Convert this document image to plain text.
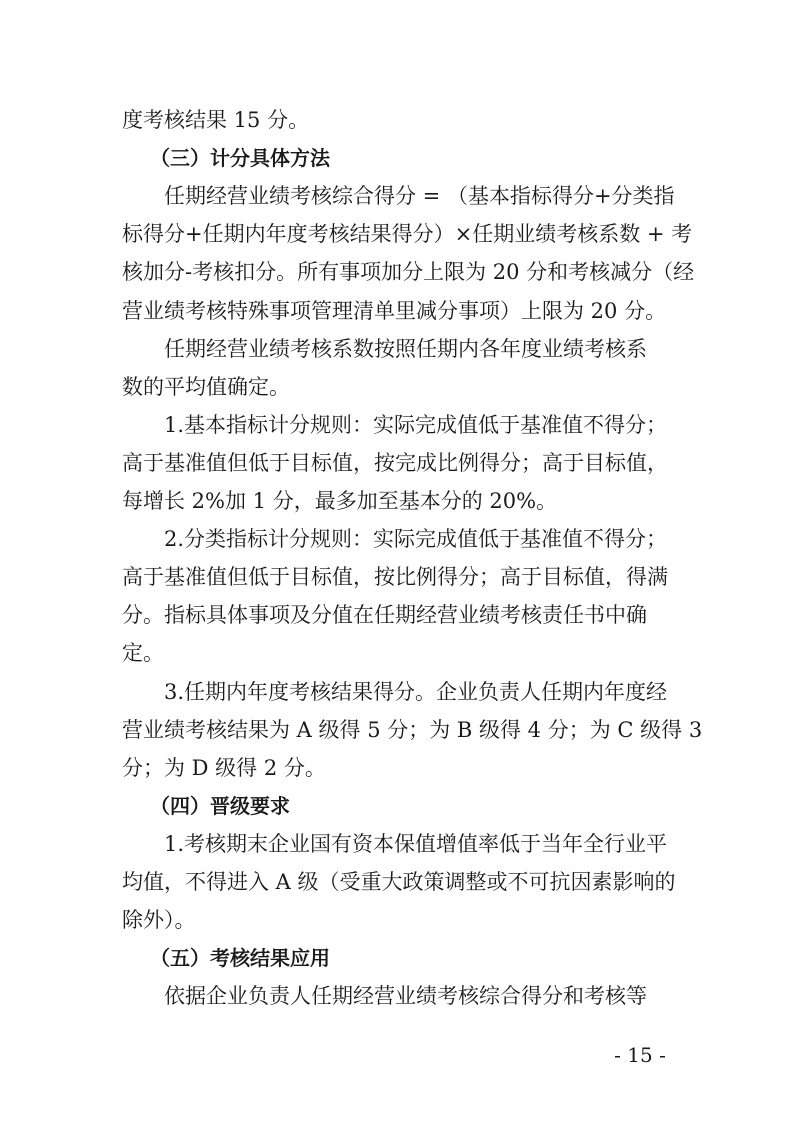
度考核结果 15 分。
（三）计分具体方法
任期经营业绩考核综合得分 = （基本指标得分+分类指
标得分+任期内年度考核结果得分）×任期业绩考核系数 + 考
核加分-考核扣分。所有事项加分上限为 20 分和考核减分（经
营业绩考核特殊事项管理清单里减分事项）上限为 20 分。
任期经营业绩考核系数按照任期内各年度业绩考核系
数的平均值确定。
1.基本指标计分规则：实际完成值低于基准值不得分；
高于基准值但低于目标值，按完成比例得分；高于目标值，
每增长 2%加 1 分，最多加至基本分的 20%。
2.分类指标计分规则：实际完成值低于基准值不得分；
高于基准值但低于目标值，按比例得分；高于目标值，得满
分。指标具体事项及分值在任期经营业绩考核责任书中确
定。
3.任期内年度考核结果得分。企业负责人任期内年度经
营业绩考核结果为 A 级得 5 分；为 B 级得 4 分；为 C 级得 3
分；为 D 级得 2 分。
（四）晋级要求
1.考核期末企业国有资本保值增值率低于当年全行业平
均值，不得进入 A 级（受重大政策调整或不可抗因素影响的
除外）。
（五）考核结果应用
依据企业负责人任期经营业绩考核综合得分和考核等
- 15 -
